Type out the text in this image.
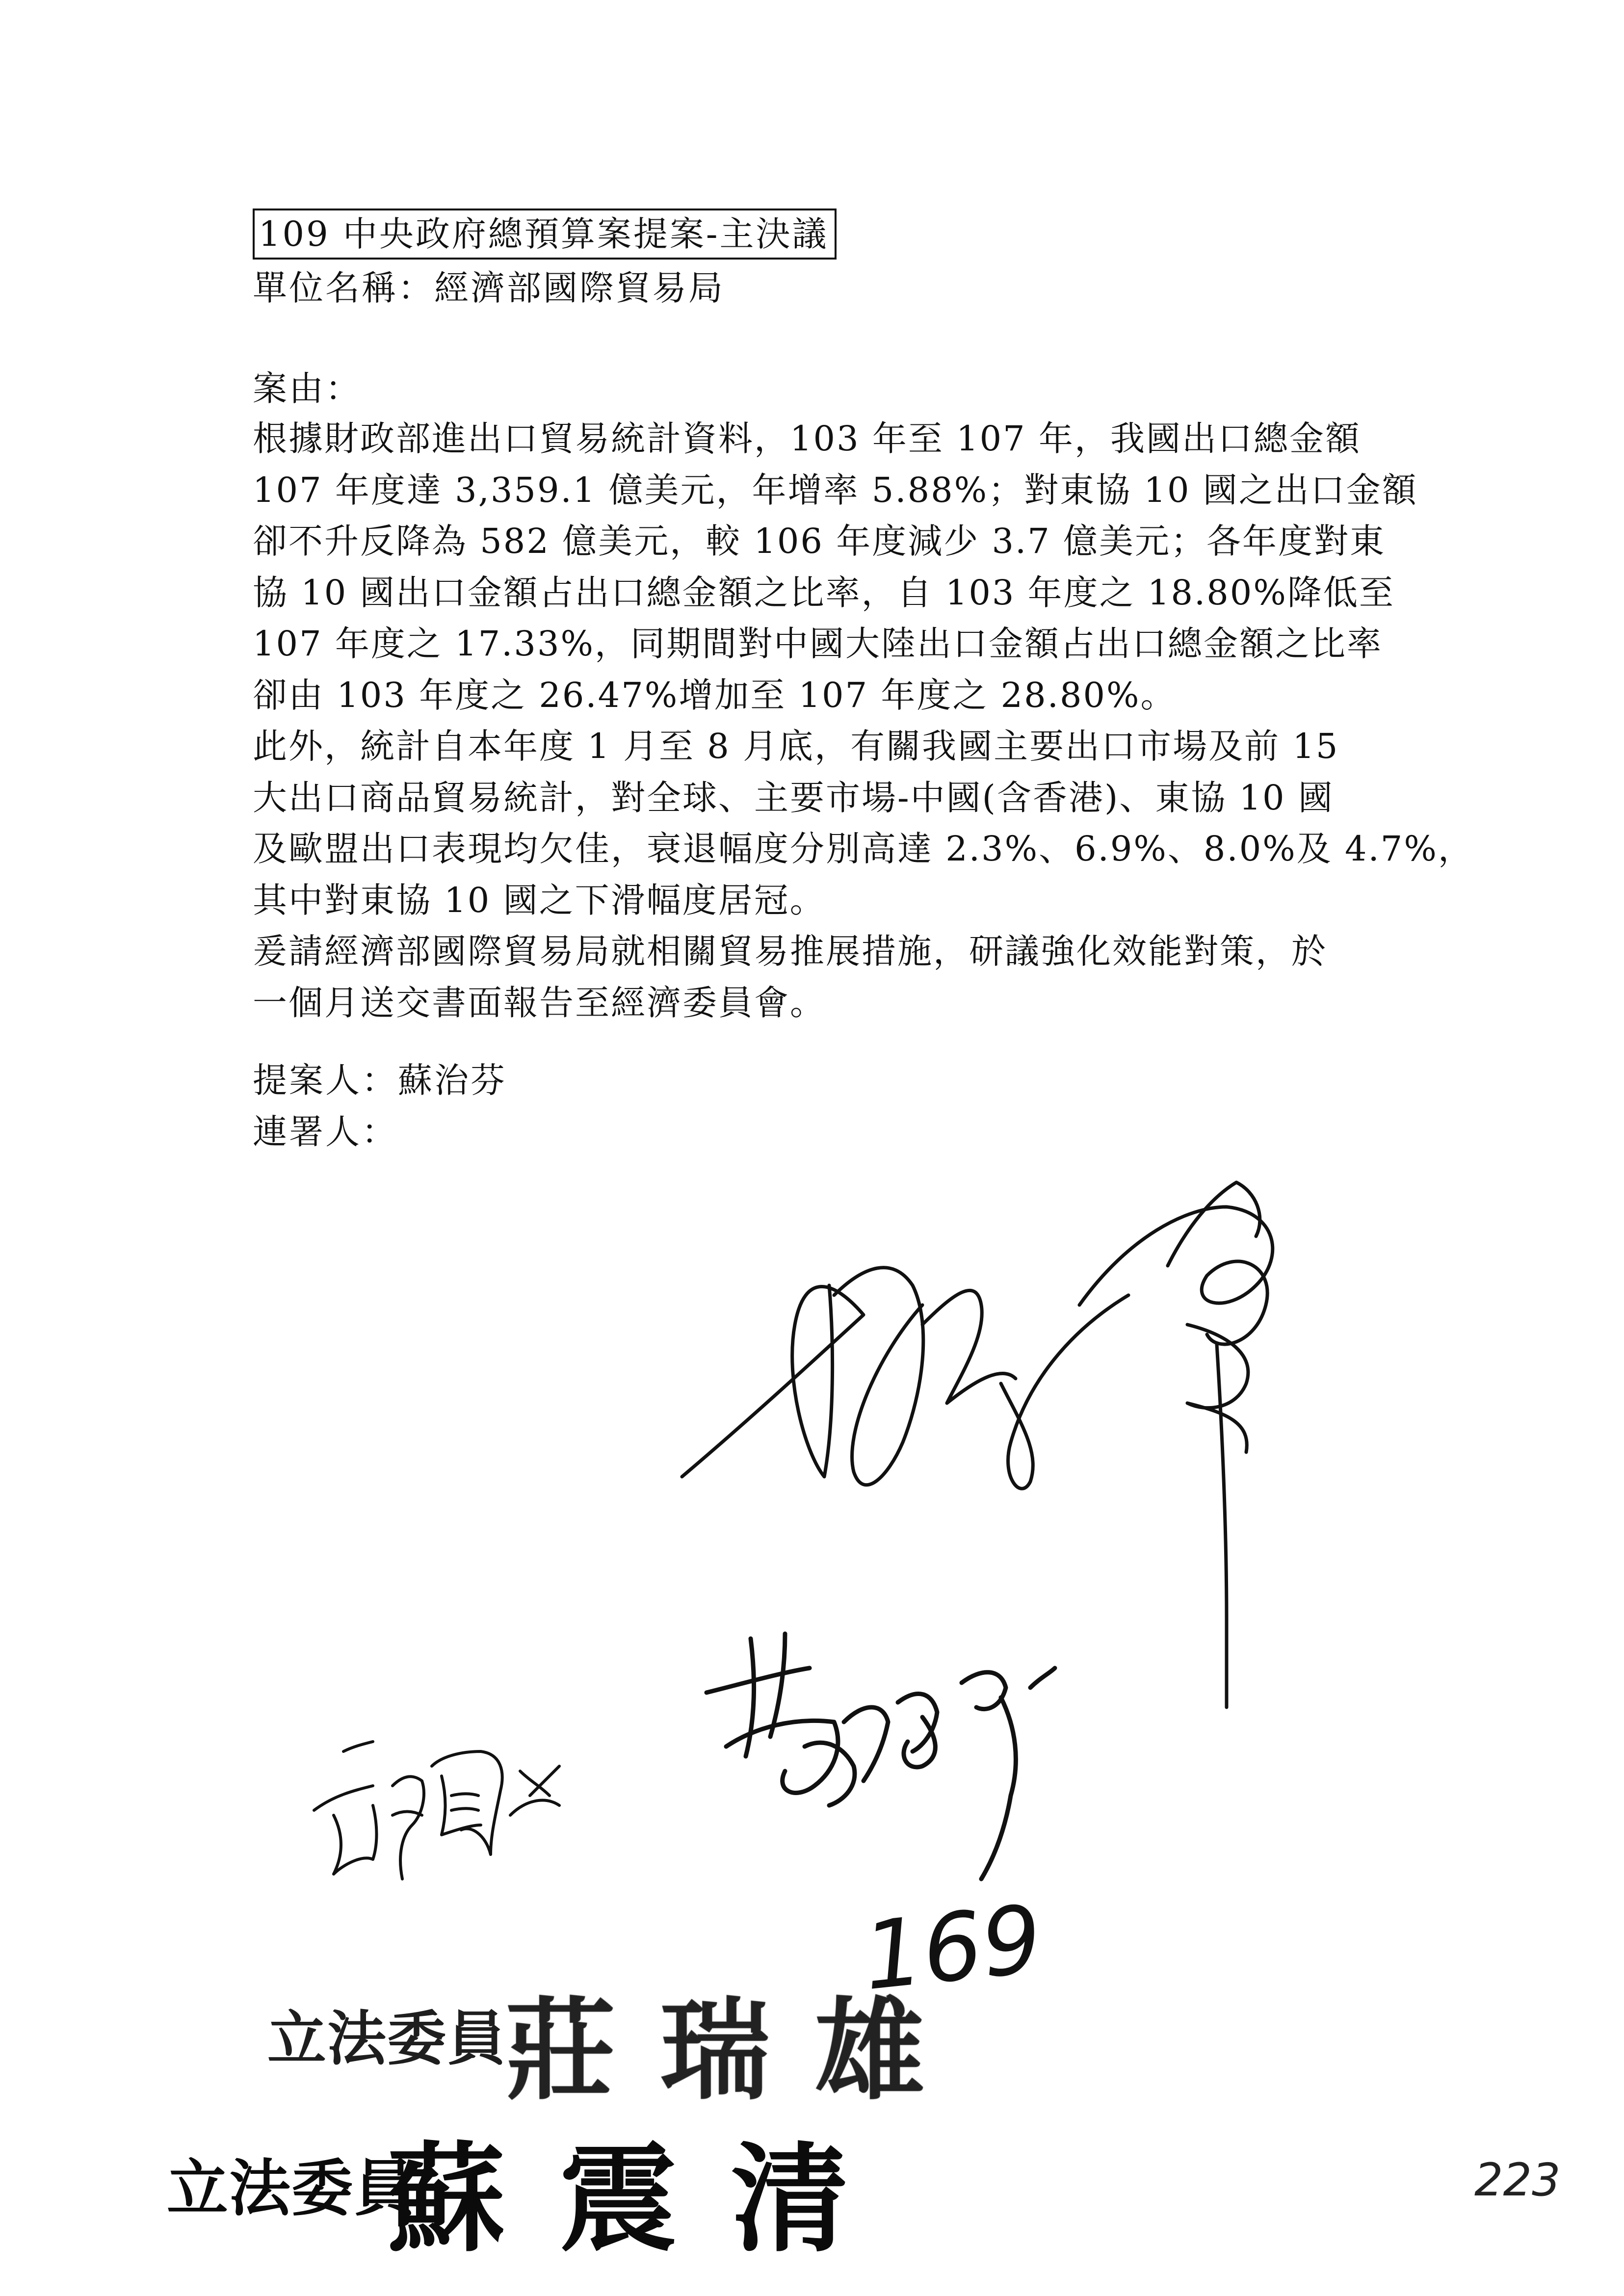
109 中央政府總預算案提案-主決議
單位名稱：經濟部國際貿易局
案由：
根據財政部進出口貿易統計資料，103 年至 107 年，我國出口總金額
107 年度達 3,359.1 億美元，年增率 5.88%；對東協 10 國之出口金額
卻不升反降為 582 億美元，較 106 年度減少 3.7 億美元；各年度對東
協 10 國出口金額占出口總金額之比率，自 103 年度之 18.80%降低至
107 年度之 17.33%，同期間對中國大陸出口金額占出口總金額之比率
卻由 103 年度之 26.47%增加至 107 年度之 28.80%。
此外，統計自本年度 1 月至 8 月底，有關我國主要出口市場及前 15
大出口商品貿易統計，對全球、主要市場-中國(含香港)、東協 10 國
及歐盟出口表現均欠佳，衰退幅度分別高達 2.3%、6.9%、8.0%及 4.7%，
其中對東協 10 國之下滑幅度居冠。
爰請經濟部國際貿易局就相關貿易推展措施，研議強化效能對策，於
一個月送交書面報告至經濟委員會。
提案人：蘇治芬
連署人：
169
立法委員
莊瑞雄
立法委員
蘇震清	223
